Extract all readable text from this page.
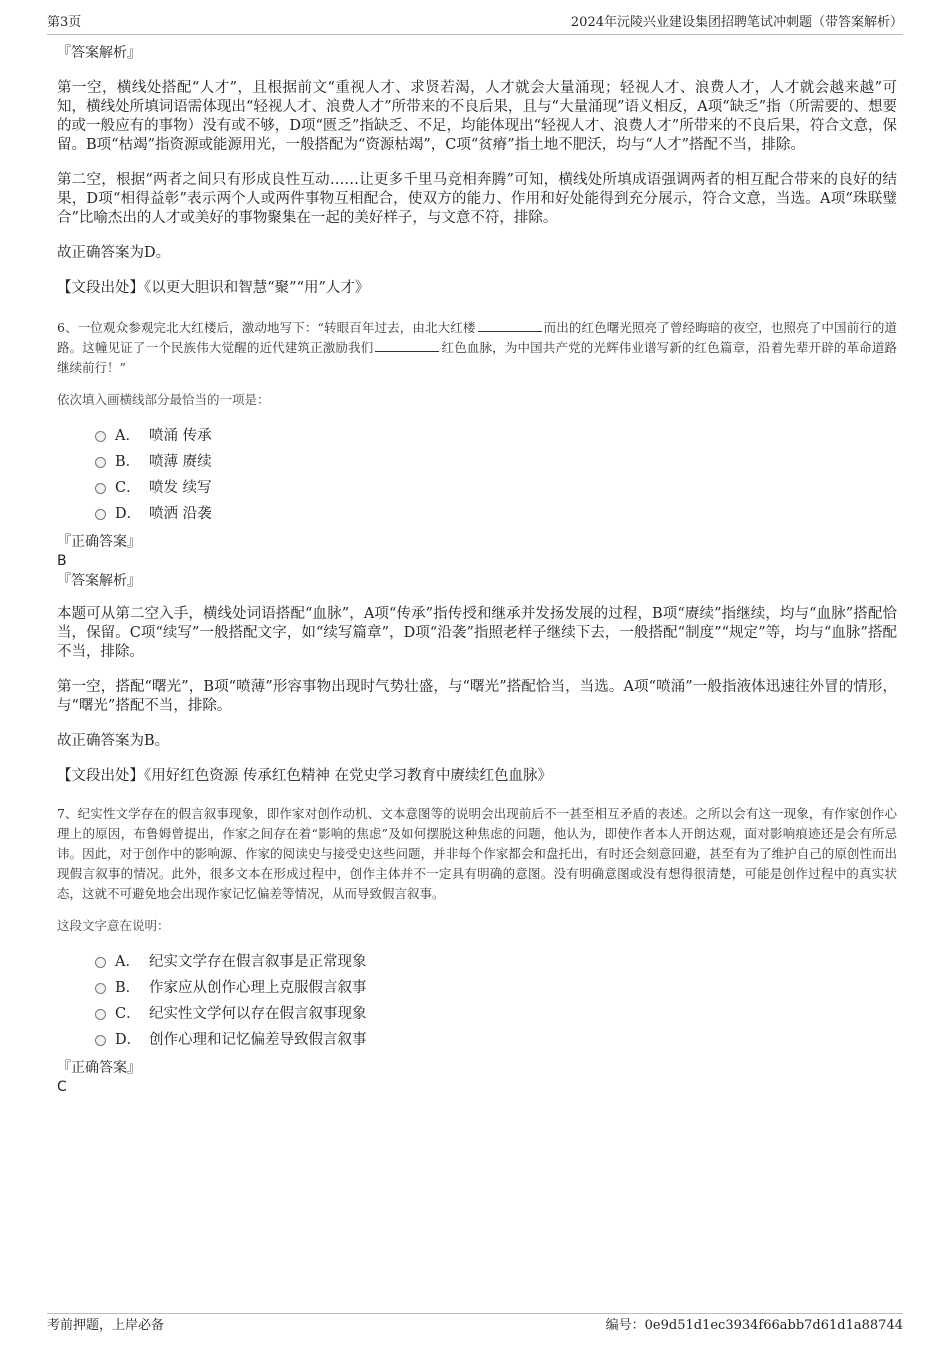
第3页	2024年沅陵兴业建设集团招聘笔试冲刺题（带答案解析）

『答案解析』

第一空，横线处搭配“人才”，且根据前文“重视人才、求贤若渴，人才就会大量涌现；轻视人才、浪费人才，人才就会越来越”可知，横线处所填词语需体现出“轻视人才、浪费人才”所带来的不良后果，且与“大量涌现”语义相反，A项“缺乏”指（所需要的、想要的或一般应有的事物）没有或不够，D项“匮乏”指缺乏、不足，均能体现出“轻视人才、浪费人才”所带来的不良后果，符合文意，保留。B项“枯竭”指资源或能源用光，一般搭配为“资源枯竭”，C项“贫瘠”指土地不肥沃，均与“人才”搭配不当，排除。

第二空，根据“两者之间只有形成良性互动……让更多千里马竞相奔腾”可知，横线处所填成语强调两者的相互配合带来的良好的结果，D项“相得益彰”表示两个人或两件事物互相配合，使双方的能力、作用和好处能得到充分展示，符合文意，当选。A项“珠联璧合”比喻杰出的人才或美好的事物聚集在一起的美好样子，与文意不符，排除。

故正确答案为D。

【文段出处】《以更大胆识和智慧“聚”“用”人才》

6、一位观众参观完北大红楼后，激动地写下：“转眼百年过去，由北大红楼	而出的红色曙光照亮了曾经晦暗的夜空，也照亮了中国前行的道路。这幢见证了一个民族伟大觉醒的近代建筑正激励我们	红色血脉，为中国共产党的光辉伟业谱写新的红色篇章，沿着先辈开辟的革命道路继续前行！”

依次填入画横线部分最恰当的一项是：

A． 喷涌 传承
B． 喷薄 赓续
C． 喷发 续写
D． 喷洒 沿袭

『正确答案』

B

『答案解析』

本题可从第二空入手，横线处词语搭配“血脉”，A项“传承”指传授和继承并发扬发展的过程，B项“赓续”指继续，均与“血脉”搭配恰当，保留。C项“续写”一般搭配文字，如“续写篇章”，D项“沿袭”指照老样子继续下去，一般搭配“制度”“规定”等，均与“血脉”搭配不当，排除。

第一空，搭配“曙光”，B项“喷薄”形容事物出现时气势壮盛，与“曙光”搭配恰当，当选。A项“喷涌”一般指液体迅速往外冒的情形，与“曙光”搭配不当，排除。

故正确答案为B。

【文段出处】《用好红色资源 传承红色精神 在党史学习教育中赓续红色血脉》

7、纪实性文学存在的假言叙事现象，即作家对创作动机、文本意图等的说明会出现前后不一甚至相互矛盾的表述。之所以会有这一现象，有作家创作心理上的原因，布鲁姆曾提出，作家之间存在着“影响的焦虑”及如何摆脱这种焦虑的问题，他认为，即使作者本人开朗达观，面对影响痕迹还是会有所忌讳。因此，对于创作中的影响源、作家的阅读史与接受史这些问题，并非每个作家都会和盘托出，有时还会刻意回避，甚至有为了维护自己的原创性而出现假言叙事的情况。此外，很多文本在形成过程中，创作主体并不一定具有明确的意图。没有明确意图或没有想得很清楚，可能是创作过程中的真实状态，这就不可避免地会出现作家记忆偏差等情况，从而导致假言叙事。

这段文字意在说明：

A． 纪实文学存在假言叙事是正常现象
B． 作家应从创作心理上克服假言叙事
C． 纪实性文学何以存在假言叙事现象
D． 创作心理和记忆偏差导致假言叙事

『正确答案』

C

考前押题，上岸必备	编号：0e9d51d1ec3934f66abb7d61d1a88744
